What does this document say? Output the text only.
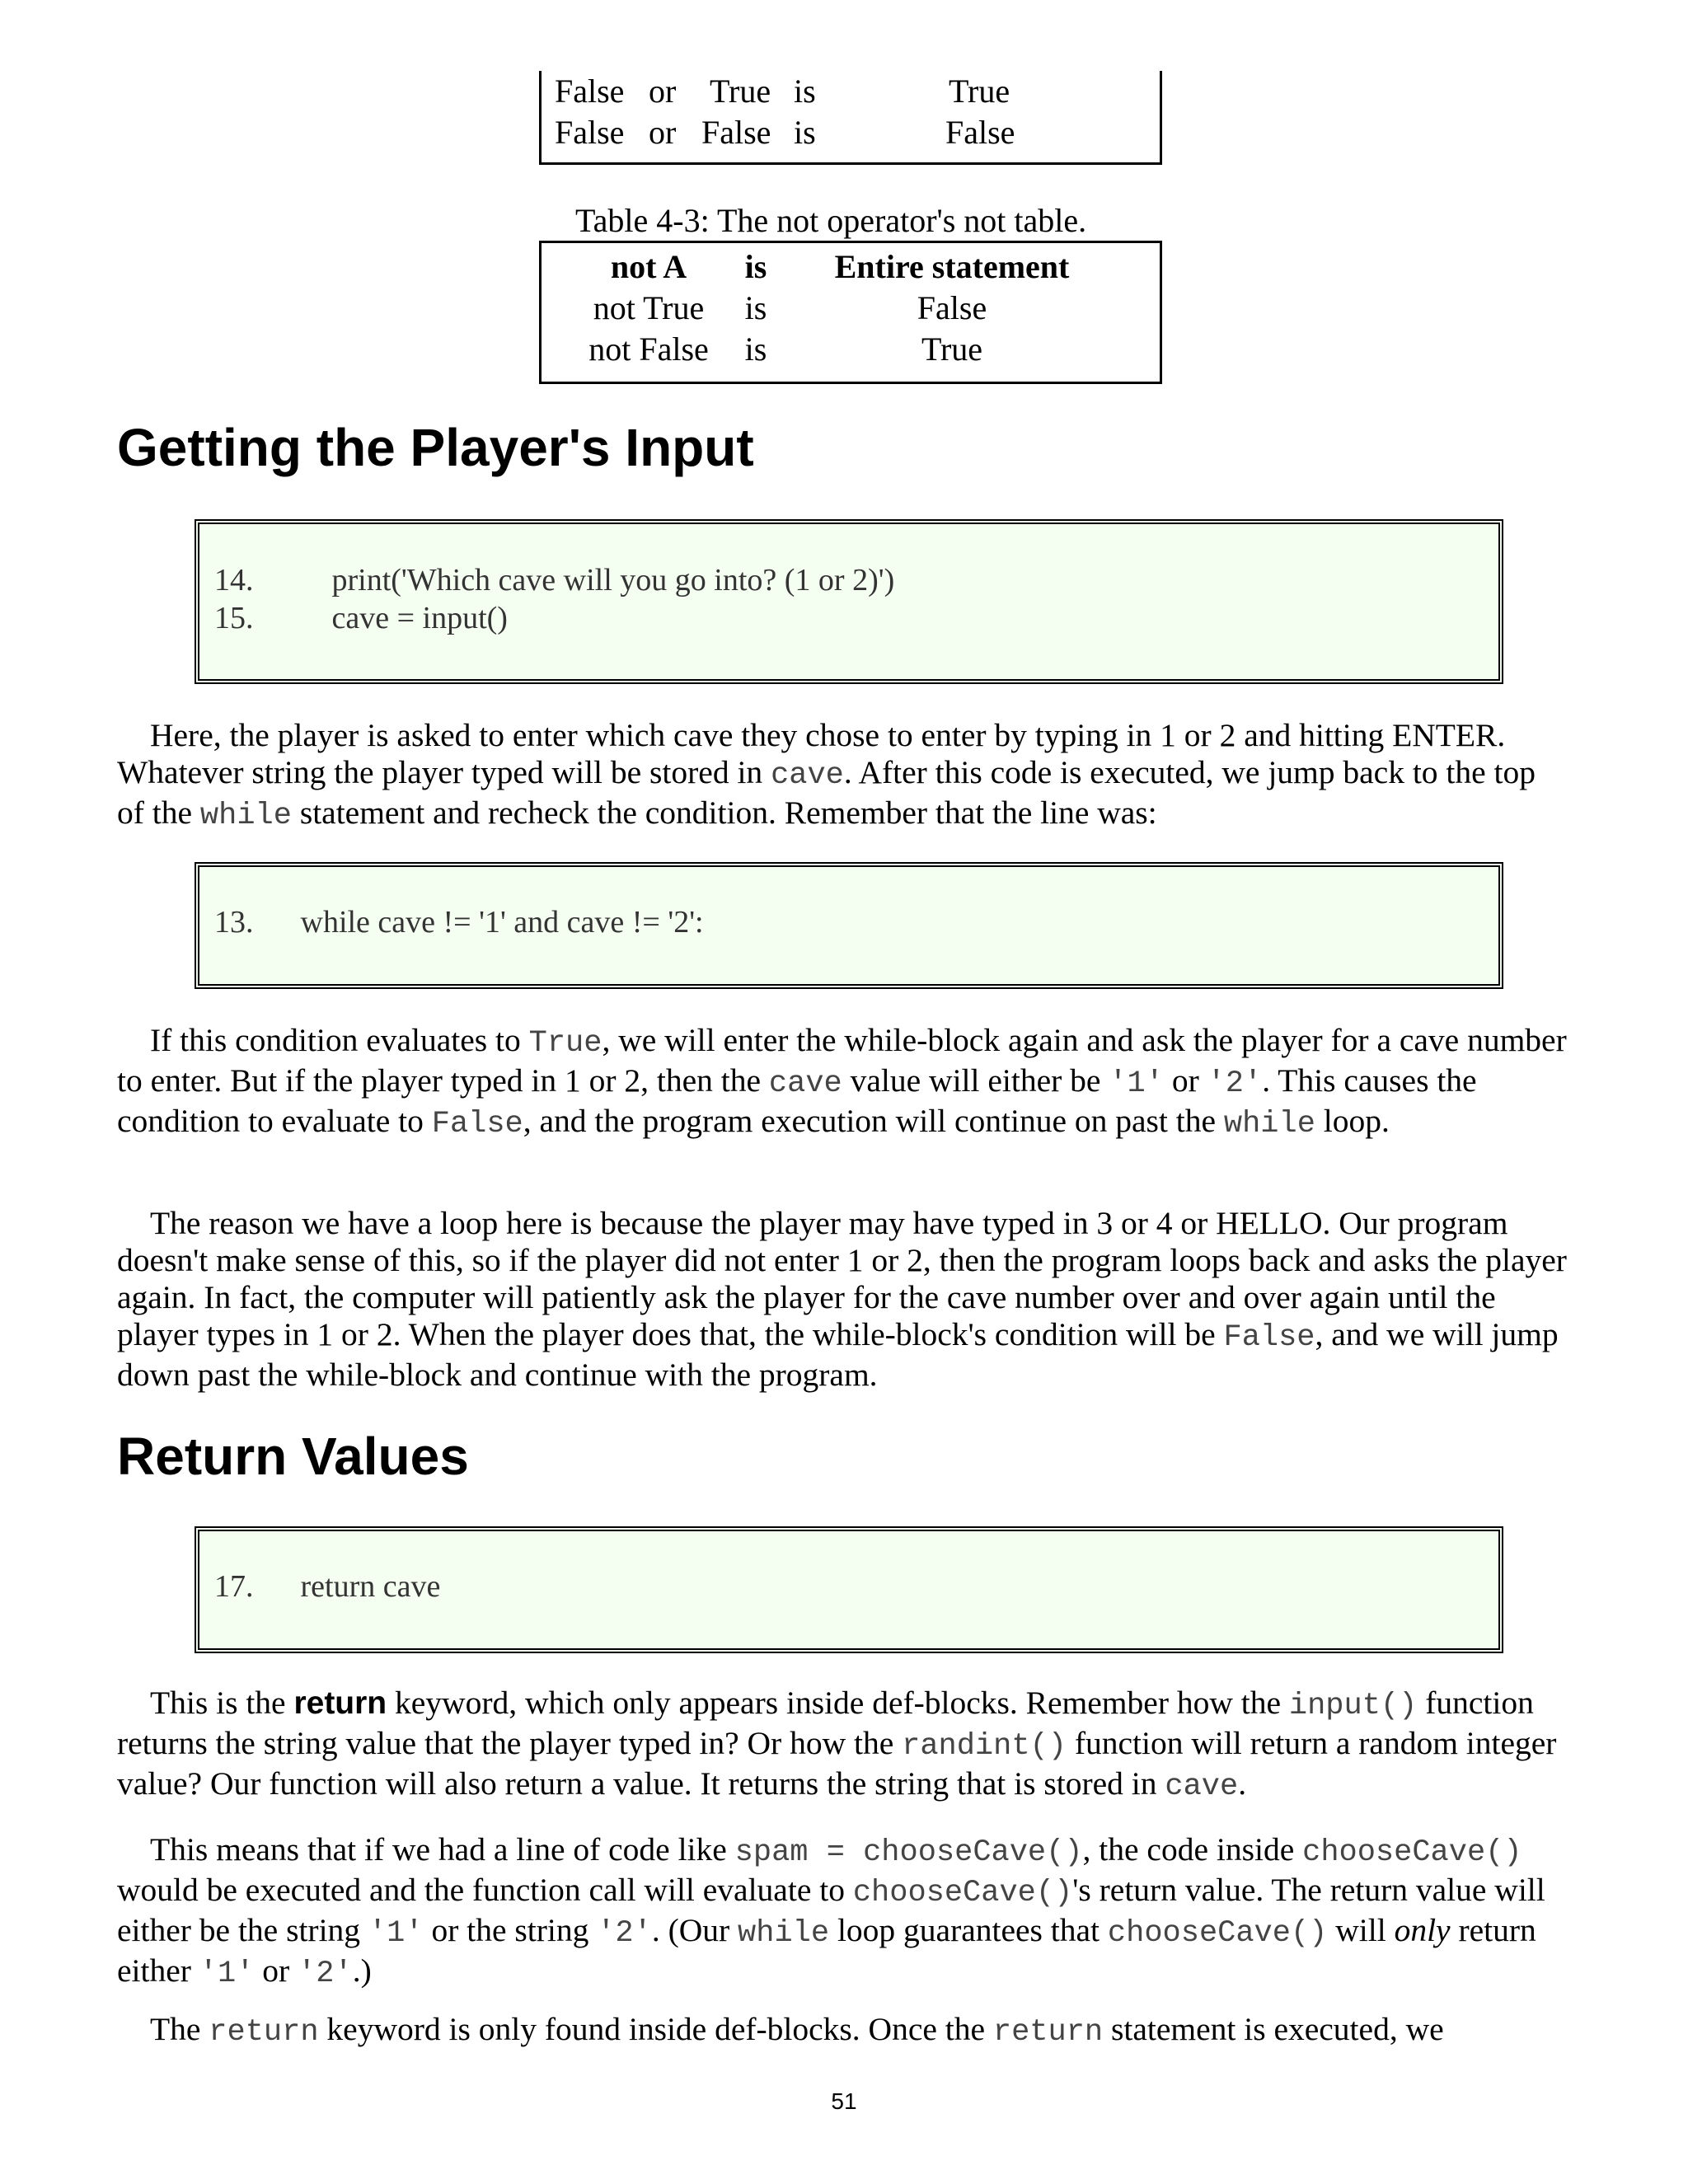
False or True is	True
False or False is	False
Table 4-3: The not operator's not table.
not A	is	Entire statement
not True	is	False
not False	is	True
Getting the Player's Input

14.          print('Which cave will you go into? (1 or 2)')

15.          cave = input()

Here, the player is asked to enter which cave they chose to enter by typing in 1 or 2 and hitting ENTER. Whatever string the player typed will be stored in cave. After this code is executed, we jump back to the top of the while statement and recheck the condition. Remember that the line was:

13.      while cave != '1' and cave != '2':

If this condition evaluates to True, we will enter the while-block again and ask the player for a cave number to enter. But if the player typed in 1 or 2, then the cave value will either be '1' or '2'. This causes the condition to evaluate to False, and the program execution will continue on past the while loop.

The reason we have a loop here is because the player may have typed in 3 or 4 or HELLO. Our program doesn't make sense of this, so if the player did not enter 1 or 2, then the program loops back and asks the player again. In fact, the computer will patiently ask the player for the cave number over and over again until the player types in 1 or 2. When the player does that, the while-block's condition will be False, and we will jump down past the while-block and continue with the program.

Return Values

17.      return cave

This is the return keyword, which only appears inside def-blocks. Remember how the input() function returns the string value that the player typed in? Or how the randint() function will return a random integer value? Our function will also return a value. It returns the string that is stored in cave.

This means that if we had a line of code like spam = chooseCave(), the code inside chooseCave() would be executed and the function call will evaluate to chooseCave()'s return value. The return value will either be the string '1' or the string '2'. (Our while loop guarantees that chooseCave() will only return either '1' or '2'.)

The return keyword is only found inside def-blocks. Once the return statement is executed, we

51
